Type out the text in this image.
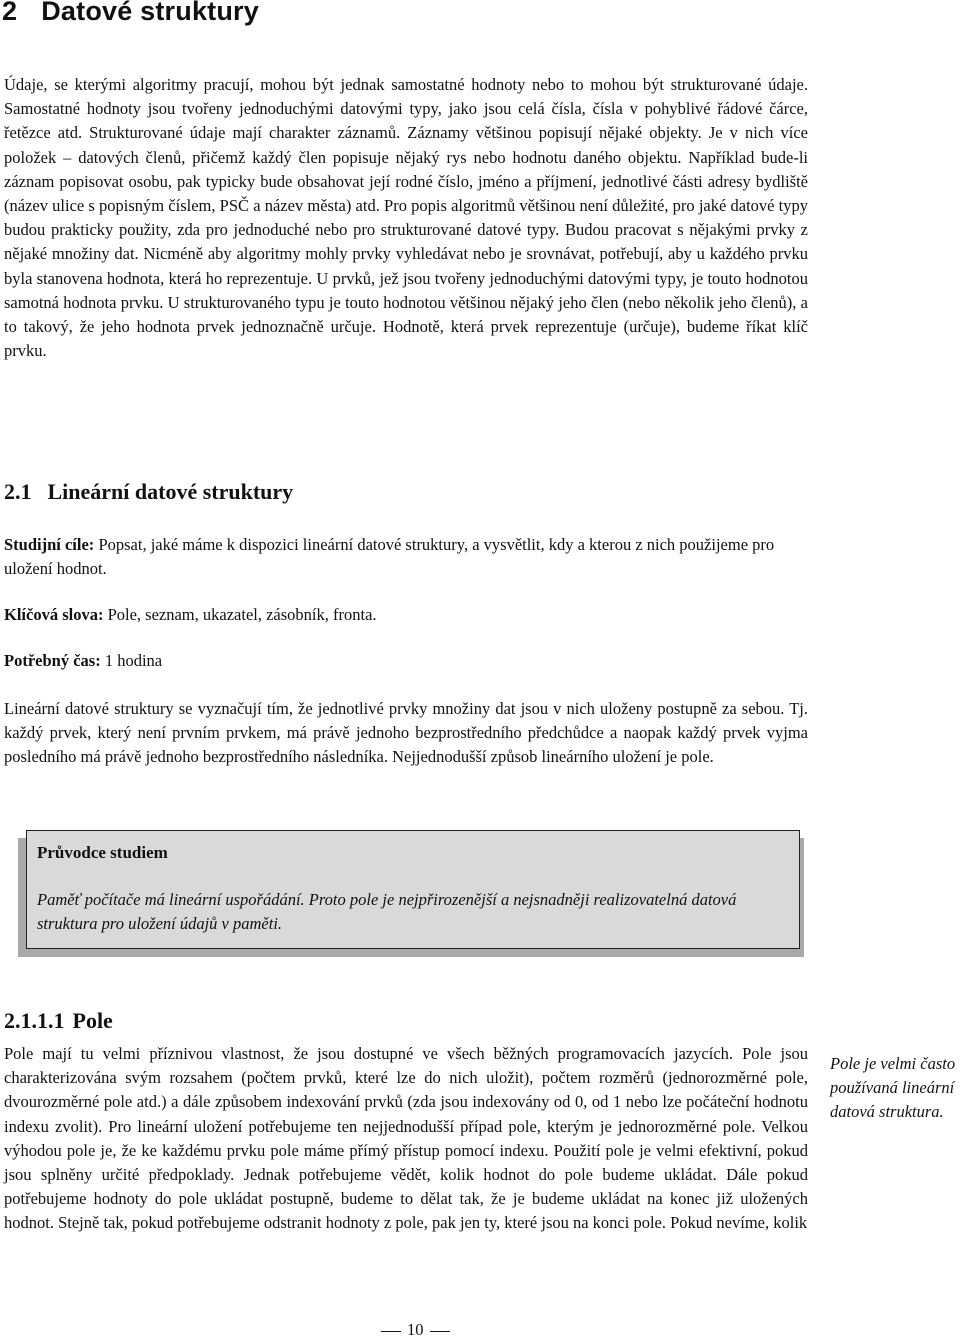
2 Datové struktury

Údaje, se kterými algoritmy pracují, mohou být jednak samostatné hodnoty nebo to mohou být strukturované údaje. Samostatné hodnoty jsou tvořeny jednoduchými datovými typy, jako jsou celá čísla, čísla v pohyblivé řádové čárce, řetězce atd. Strukturované údaje mají charakter záznamů. Záznamy většinou popisují nějaké objekty. Je v nich více položek – datových členů, přičemž každý člen popisuje nějaký rys nebo hodnotu daného objektu. Například bude-li záznam popisovat osobu, pak typicky bude obsahovat její rodné číslo, jméno a příjmení, jednotlivé části adresy bydliště (název ulice s popisným číslem, PSČ a název města) atd. Pro popis algoritmů většinou není důležité, pro jaké datové typy budou prakticky použity, zda pro jednoduché nebo pro strukturované datové typy. Budou pracovat s nějakými prvky z nějaké množiny dat. Nicméně aby algoritmy mohly prvky vyhledávat nebo je srovnávat, potřebují, aby u každého prvku byla stanovena hodnota, která ho reprezentuje. U prvků, jež jsou tvořeny jednoduchými datovými typy, je touto hodnotou samotná hodnota prvku. U strukturovaného typu je touto hodnotou většinou nějaký jeho člen (nebo několik jeho členů), a to takový, že jeho hodnota prvek jednoznačně určuje. Hodnotě, která prvek reprezentuje (určuje), budeme říkat klíč prvku.

2.1 Lineární datové struktury

Studijní cíle: Popsat, jaké máme k dispozici lineární datové struktury, a vysvětlit, kdy a kterou z nich použijeme pro uložení hodnot.

Klíčová slova: Pole, seznam, ukazatel, zásobník, fronta.

Potřebný čas: 1 hodina

Lineární datové struktury se vyznačují tím, že jednotlivé prvky množiny dat jsou v nich uloženy postupně za sebou. Tj. každý prvek, který není prvním prvkem, má právě jednoho bezprostředního předchůdce a naopak každý prvek vyjma posledního má právě jednoho bezprostředního následníka. Nejjednodušší způsob lineárního uložení je pole.

Průvodce studiem

Paměť počítače má lineární uspořádání. Proto pole je nejpřirozenější a nejsnadněji realizovatelná datová struktura pro uložení údajů v paměti.

2.1.1.1 Pole

Pole mají tu velmi příznivou vlastnost, že jsou dostupné ve všech běžných programovacích jazycích. Pole jsou charakterizována svým rozsahem (počtem prvků, které lze do nich uložit), počtem rozměrů (jednorozměrné pole, dvourozměrné pole atd.) a dále způsobem indexování prvků (zda jsou indexovány od 0, od 1 nebo lze počáteční hodnotu indexu zvolit). Pro lineární uložení potřebujeme ten nejjednodušší případ pole, kterým je jednorozměrné pole. Velkou výhodou pole je, že ke každému prvku pole máme přímý přístup pomocí indexu. Použití pole je velmi efektivní, pokud jsou splněny určité předpoklady. Jednak potřebujeme vědět, kolik hodnot do pole budeme ukládat. Dále pokud potřebujeme hodnoty do pole ukládat postupně, budeme to dělat tak, že je budeme ukládat na konec již uložených hodnot. Stejně tak, pokud potřebujeme odstranit hodnoty z pole, pak jen ty, které jsou na konci pole. Pokud nevíme, kolik

Pole je velmi často používaná lineární datová struktura.

10
